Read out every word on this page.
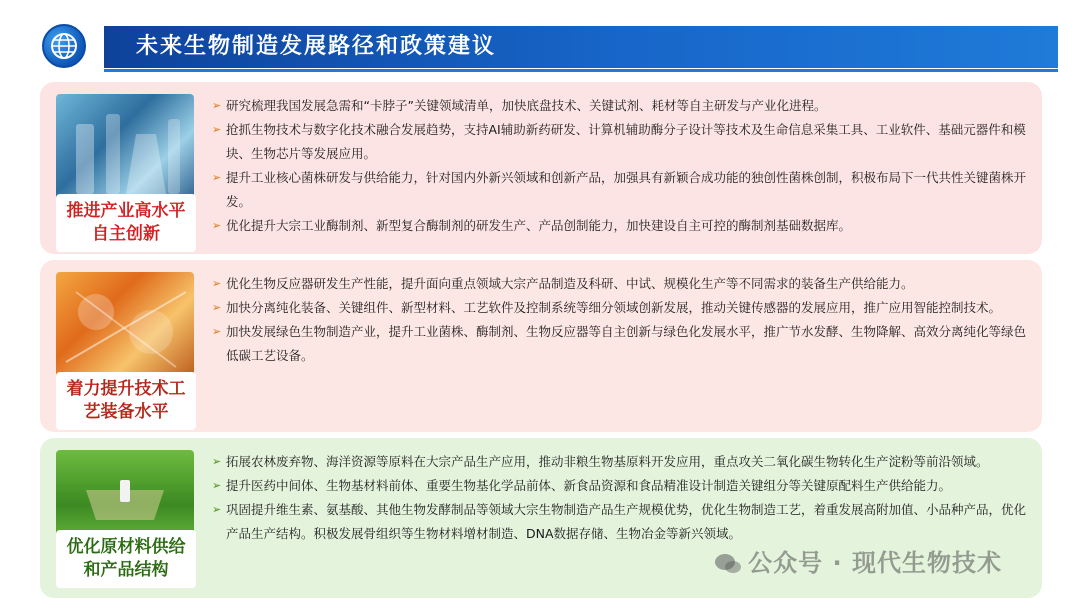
未来生物制造发展路径和政策建议
推进产业高水平自主创新
➢ 研究梳理我国发展急需和“卡脖子”关键领域清单，加快底盘技术、关键试剂、耗材等自主研发与产业化进程。
➢ 抢抓生物技术与数字化技术融合发展趋势，支持AI辅助新药研发、计算机辅助酶分子设计等技术及生命信息采集工具、工业软件、基础元器件和模块、生物芯片等发展应用。
➢ 提升工业核心菌株研发与供给能力，针对国内外新兴领域和创新产品，加强具有新颖合成功能的独创性菌株创制，积极布局下一代共性关键菌株开发。
➢ 优化提升大宗工业酶制剂、新型复合酶制剂的研发生产、产品创制能力，加快建设自主可控的酶制剂基础数据库。
着力提升技术工艺装备水平
➢ 优化生物反应器研发生产性能，提升面向重点领域大宗产品制造及科研、中试、规模化生产等不同需求的装备生产供给能力。
➢ 加快分离纯化装备、关键组件、新型材料、工艺软件及控制系统等细分领域创新发展，推动关键传感器的发展应用，推广应用智能控制技术。
➢ 加快发展绿色生物制造产业，提升工业菌株、酶制剂、生物反应器等自主创新与绿色化发展水平，推广节水发酵、生物降解、高效分离纯化等绿色低碳工艺设备。
优化原材料供给和产品结构
➢ 拓展农林废弃物、海洋资源等原料在大宗产品生产应用，推动非粮生物基原料开发应用，重点攻关二氧化碳生物转化生产淀粉等前沿领域。
➢ 提升医药中间体、生物基材料前体、重要生物基化学品前体、新食品资源和食品精准设计制造关键组分等关键原配料生产供给能力。
➢ 巩固提升维生素、氨基酸、其他生物发酵制品等领域大宗生物制造产品生产规模优势，优化生物制造工艺，着重发展高附加值、小品种产品，优化产品生产结构。积极发展骨组织等生物材料增材制造、DNA数据存储、生物冶金等新兴领域。
公众号 · 现代生物技术
